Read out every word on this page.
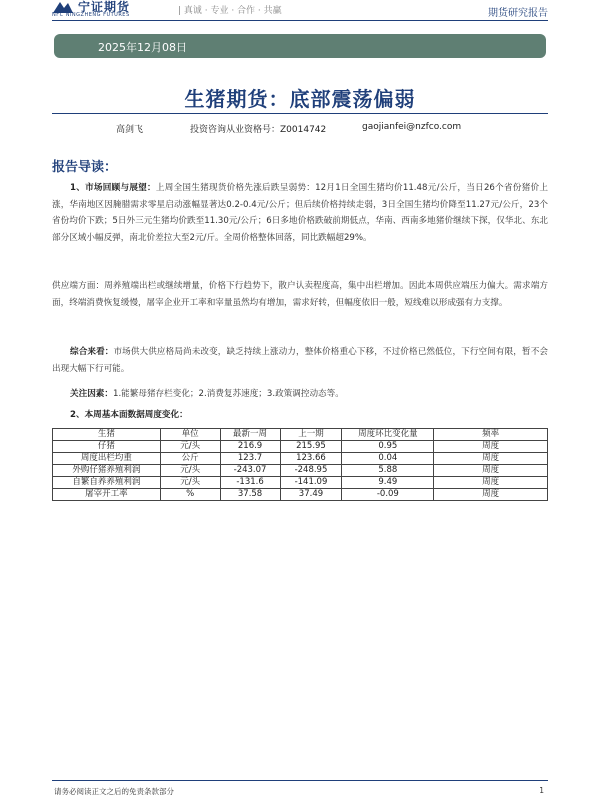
宁证期货
NFC NINGZHENG FUTURES	| 真诚 · 专业 · 合作 · 共赢	期货研究报告
2025年12月08日
生猪期货：底部震荡偏弱
高剑飞	投资咨询从业资格号：Z0014742	gaojianfei@nzfco.com
报告导读：
1、市场回顾与展望：上周全国生猪现货价格先涨后跌呈弱势：12月1日全国生猪均价11.48元/公斤，当日26个省份猪价上涨，华南地区因腌腊需求零星启动涨幅显著达0.2-0.4元/公斤；但后续价格持续走弱，3日全国生猪均价降至11.27元/公斤，23个省份均价下跌；5日外三元生猪均价跌至11.30元/公斤；6日多地价格跌破前期低点，华南、西南多地猪价继续下探，仅华北、东北部分区域小幅反弹，南北价差拉大至2元/斤。全周价格整体回落，同比跌幅超29%。
供应端方面：周养殖端出栏或继续增量，价格下行趋势下，散户认卖程度高，集中出栏增加。因此本周供应端压力偏大。需求端方面，终端消费恢复缓慢，屠宰企业开工率和宰量虽然均有增加，需求好转，但幅度依旧一般，短线难以形成强有力支撑。
综合来看：市场供大供应格局尚未改变，缺乏持续上涨动力，整体价格重心下移，不过价格已然低位，下行空间有限，暂不会出现大幅下行可能。
关注因素：1.能繁母猪存栏变化；2.消费复苏速度；3.政策调控动态等。
2、本周基本面数据周度变化：
生猪	单位	最新一周	上一期	周度环比变化量	频率
仔猪	元/头	216.9	215.95	0.95	周度
周度出栏均重	公斤	123.7	123.66	0.04	周度
外购仔猪养殖利润	元/头	-243.07	-248.95	5.88	周度
自繁自养养殖利润	元/头	-131.6	-141.09	9.49	周度
屠宰开工率	%	37.58	37.49	-0.09	周度
请务必阅读正文之后的免责条款部分	1
